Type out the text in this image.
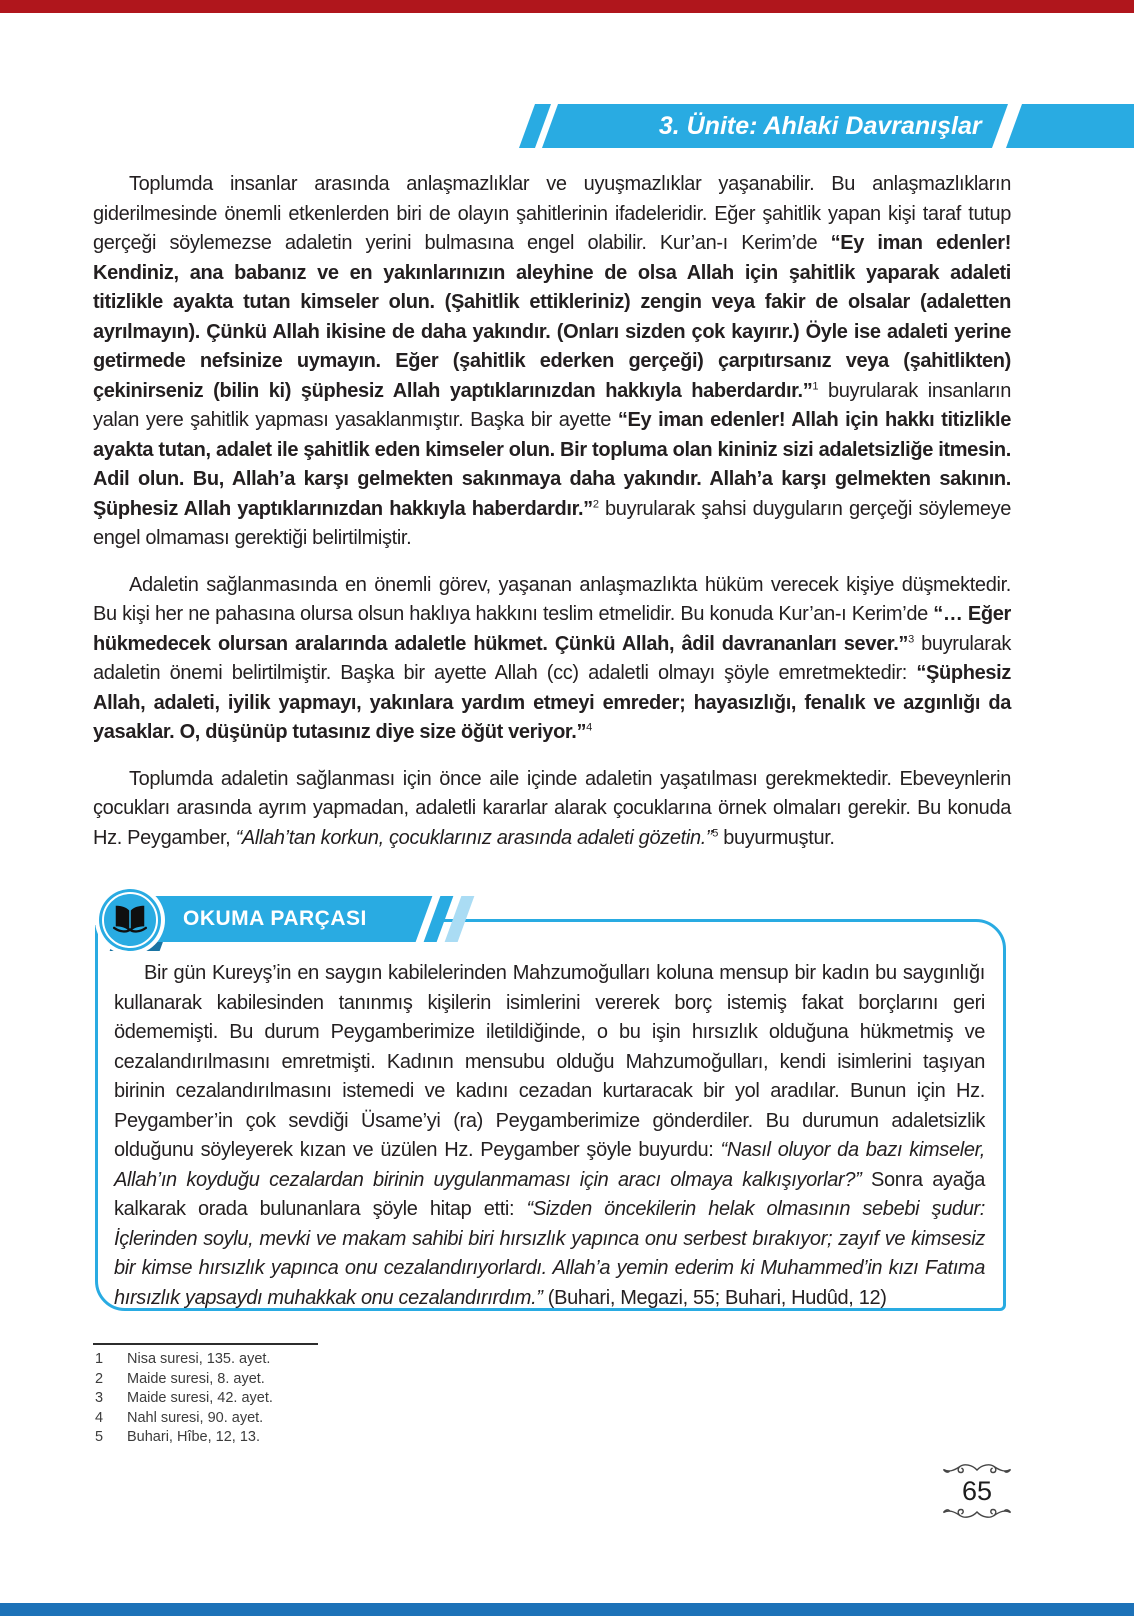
3. Ünite: Ahlaki Davranışlar

Toplumda insanlar arasında anlaşmazlıklar ve uyuşmazlıklar yaşanabilir. Bu anlaşmazlıkların giderilmesinde önemli etkenlerden biri de olayın şahitlerinin ifadeleridir. Eğer şahitlik yapan kişi taraf tutup gerçeği söylemezse adaletin yerini bulmasına engel olabilir. Kur’an-ı Kerim’de “Ey iman edenler! Kendiniz, ana babanız ve en yakınlarınızın aleyhine de olsa Allah için şahitlik yaparak adaleti titizlikle ayakta tutan kimseler olun. (Şahitlik ettikleriniz) zengin veya fakir de olsalar (adaletten ayrılmayın). Çünkü Allah ikisine de daha yakındır. (Onları sizden çok kayırır.) Öyle ise adaleti yerine getirmede nefsinize uymayın. Eğer (şahitlik ederken gerçeği) çarpıtırsanız veya (şahitlikten) çekinirseniz (bilin ki) şüphesiz Allah yaptıklarınızdan hakkıyla haberdardır.”$^1$ buyrularak insanların yalan yere şahitlik yapması yasaklanmıştır. Başka bir ayette “Ey iman edenler! Allah için hakkı titizlikle ayakta tutan, adalet ile şahitlik eden kimseler olun. Bir topluma olan kininiz sizi adaletsizliğe itmesin. Adil olun. Bu, Allah’a karşı gelmekten sakınmaya daha yakındır. Allah’a karşı gelmekten sakının. Şüphesiz Allah yaptıklarınızdan hakkıyla haberdardır.”$^2$ buyrularak şahsi duyguların gerçeği söylemeye engel olmaması gerektiği belirtilmiştir.

Adaletin sağlanmasında en önemli görev, yaşanan anlaşmazlıkta hüküm verecek kişiye düşmektedir. Bu kişi her ne pahasına olursa olsun haklıya hakkını teslim etmelidir. Bu konuda Kur’an-ı Kerim’de “… Eğer hükmedecek olursan aralarında adaletle hükmet. Çünkü Allah, âdil davrananları sever.”$^3$ buyrularak adaletin önemi belirtilmiştir. Başka bir ayette Allah (cc) adaletli olmayı şöyle emretmektedir: “Şüphesiz Allah, adaleti, iyilik yapmayı, yakınlara yardım etmeyi emreder; hayasızlığı, fenalık ve azgınlığı da yasaklar. O, düşünüp tutasınız diye size öğüt veriyor.”$^4$

Toplumda adaletin sağlanması için önce aile içinde adaletin yaşatılması gerekmektedir. Ebeveynlerin çocukları arasında ayrım yapmadan, adaletli kararlar alarak çocuklarına örnek olmaları gerekir. Bu konuda Hz. Peygamber, “Allah’tan korkun, çocuklarınız arasında adaleti gözetin.”$^5$ buyurmuştur.

Bir gün Kureyş’in en saygın kabilelerinden Mahzumoğulları koluna mensup bir kadın bu saygınlığı kullanarak kabilesinden tanınmış kişilerin isimlerini vererek borç istemiş fakat borçlarını geri ödememişti. Bu durum Peygamberimize iletildiğinde, o bu işin hırsızlık olduğuna hükmetmiş ve cezalandırılmasını emretmişti. Kadının mensubu olduğu Mahzumoğulları, kendi isimlerini taşıyan birinin cezalandırılmasını istemedi ve kadını cezadan kurtaracak bir yol aradılar. Bunun için Hz. Peygamber’in çok sevdiği Üsame’yi (ra) Peygamberimize gönderdiler. Bu durumun adaletsizlik olduğunu söyleyerek kızan ve üzülen Hz. Peygamber şöyle buyurdu: “Nasıl oluyor da bazı kimseler, Allah’ın koyduğu cezalardan birinin uygulanmaması için aracı olmaya kalkışıyorlar?” Sonra ayağa kalkarak orada bulunanlara şöyle hitap etti: “Sizden öncekilerin helak olmasının sebebi şudur: İçlerinden soylu, mevki ve makam sahibi biri hırsızlık yapınca onu serbest bırakıyor; zayıf ve kimsesiz bir kimse hırsızlık yapınca onu cezalandırıyorlardı. Allah’a yemin ederim ki Muhammed’in kızı Fatıma hırsızlık yapsaydı muhakkak onu cezalandırırdım.” (Buhari, Megazi, 55; Buhari, Hudûd, 12)

OKUMA PARÇASI
1	Nisa suresi, 135. ayet.
2	Maide suresi, 8. ayet.
3	Maide suresi, 42. ayet.
4	Nahl suresi, 90. ayet.
5	Buhari, Hîbe, 12, 13.
65
